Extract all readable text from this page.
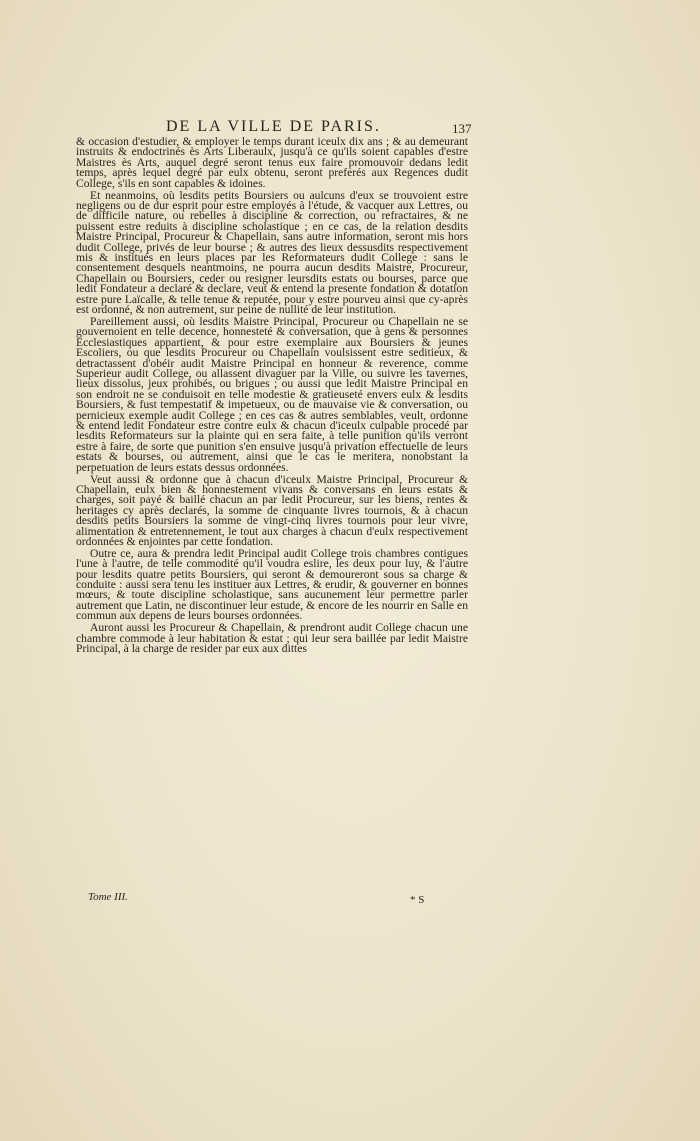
DE LA VILLE DE PARIS.	137

& occasion d'estudier, & employer le temps durant iceulx dix ans ; & au demeurant instruits & endoctrinés ès Arts Liberaulx, jusqu'à ce qu'ils soient capables d'estre Maistres ès Arts, auquel degré seront tenus eux faire promouvoir dedans ledit temps, après lequel degré par eulx obtenu, seront preferés aux Regences dudit College, s'ils en sont capables & idoines.

Et neanmoins, où lesdits petits Boursiers ou aulcuns d'eux se trouvoient estre negligens ou de dur esprit pour estre employés à l'étude, & vacquer aux Lettres, ou de difficile nature, ou rebelles à discipline & correction, ou refractaires, & ne puissent estre reduits à discipline scholastique ; en ce cas, de la relation desdits Maistre Principal, Procureur & Chapellain, sans autre information, seront mis hors dudit College, privés de leur bourse ; & autres des lieux dessusdits respectivement mis & institués en leurs places par les Reformateurs dudit College : sans le consentement desquels neantmoins, ne pourra aucun desdits Maistre, Procureur, Chapellain ou Boursiers, ceder ou resigner leursdits estats ou bourses, parce que ledit Fondateur a declaré & declare, veut & entend la presente fondation & dotation estre pure Laïcalle, & telle tenue & reputée, pour y estre pourveu ainsi que cy-après est ordonné, & non autrement, sur peine de nullité de leur institution.

Pareillement aussi, où lesdits Maistre Principal, Procureur ou Chapellain ne se gouvernoient en telle decence, honnesteté & conversation, que à gens & personnes Ecclesiastiques appartient, & pour estre exemplaire aux Boursiers & jeunes Escoliers, ou que lesdits Procureur ou Chapellain voulsissent estre seditieux, & detractassent d'obéir audit Maistre Principal en honneur & reverence, comme Superieur audit College, ou allassent divaguer par la Ville, ou suivre les tavernes, lieux dissolus, jeux prohibés, ou brigues ; ou aussi que ledit Maistre Principal en son endroit ne se conduisoit en telle modestie & gratieuseté envers eulx & lesdits Boursiers, & fust tempestatif & impetueux, ou de mauvaise vie & conversation, ou pernicieux exemple audit College ; en ces cas & autres semblables, veult, ordonne & entend ledit Fondateur estre contre eulx & chacun d'iceulx culpable procedé par lesdits Reformateurs sur la plainte qui en sera faite, à telle punition qu'ils verront estre à faire, de sorte que punition s'en ensuive jusqu'à privation effectuelle de leurs estats & bourses, ou autrement, ainsi que le cas le meritera, nonobstant la perpetuation de leurs estats dessus ordonnées.

Veut aussi & ordonne que à chacun d'iceulx Maistre Principal, Procureur & Chapellain, eulx bien & honnestement vivans & conversans en leurs estats & charges, soit payé & baillé chacun an par ledit Procureur, sur les biens, rentes & heritages cy après declarés, la somme de cinquante livres tournois, & à chacun desdits petits Boursiers la somme de vingt-cinq livres tournois pour leur vivre, alimentation & entretennement, le tout aux charges à chacun d'eulx respectivement ordonnées & enjointes par cette fondation.

Outre ce, aura & prendra ledit Principal audit College trois chambres contigues l'une à l'autre, de telle commodité qu'il voudra eslire, les deux pour luy, & l'autre pour lesdits quatre petits Boursiers, qui seront & demoureront sous sa charge & conduite : aussi sera tenu les instituer aux Lettres, & erudir, & gouverner en bonnes mœurs, & toute discipline scholastique, sans aucunement leur permettre parler autrement que Latin, ne discontinuer leur estude, & encore de les nourrir en Salle en commun aux depens de leurs bourses ordonnées.

Auront aussi les Procureur & Chapellain, & prendront audit College chacun une chambre commode à leur habitation & estat ; qui leur sera baillée par ledit Maistre Principal, à la charge de resider par eux aux dittes

Tome III.	* S
